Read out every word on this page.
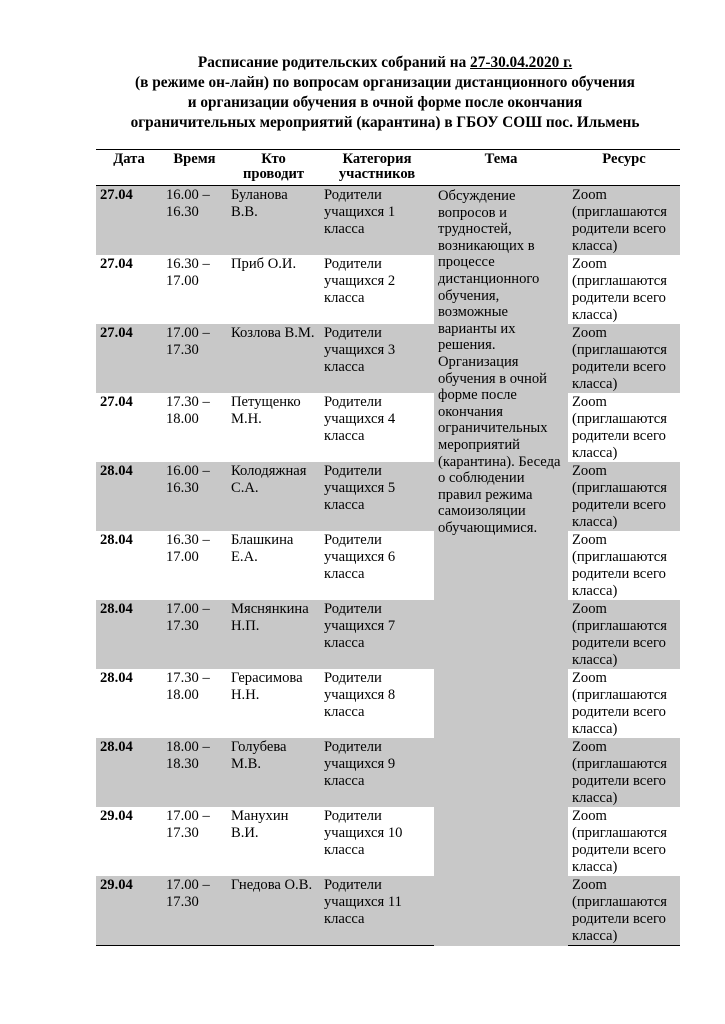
Расписание родительских собраний на 27-30.04.2020 г.
(в режиме он-лайн) по вопросам организации дистанционного обучения
и организации обучения в очной форме после окончания
ограничительных мероприятий (карантина) в ГБОУ СОШ пос. Ильмень
Дата	Время	Кто проводит	Категория участников	Тема	Ресурс
27.04	16.00 – 16.30	Буланова В.В.	Родители учащихся 1 класса	Обсуждение вопросов и трудностей, возникающих в процессе дистанционного обучения, возможные варианты их решения. Организация обучения в очной форме после окончания ограничительных мероприятий (карантина). Беседа о соблюдении правил режима самоизоляции обучающимися.	Zoom (приглашаются родители всего класса)
27.04	16.30 – 17.00	Приб О.И.	Родители учащихся 2 класса		Zoom (приглашаются родители всего класса)
27.04	17.00 – 17.30	Козлова В.М.	Родители учащихся 3 класса		Zoom (приглашаются родители всего класса)
27.04	17.30 – 18.00	Петущенко М.Н.	Родители учащихся 4 класса		Zoom (приглашаются родители всего класса)
28.04	16.00 – 16.30	Колодяжная С.А.	Родители учащихся 5 класса		Zoom (приглашаются родители всего класса)
28.04	16.30 – 17.00	Блашкина Е.А.	Родители учащихся 6 класса		Zoom (приглашаются родители всего класса)
28.04	17.00 – 17.30	Мяснянкина Н.П.	Родители учащихся 7 класса		Zoom (приглашаются родители всего класса)
28.04	17.30 – 18.00	Герасимова Н.Н.	Родители учащихся 8 класса		Zoom (приглашаются родители всего класса)
28.04	18.00 – 18.30	Голубева М.В.	Родители учащихся 9 класса		Zoom (приглашаются родители всего класса)
29.04	17.00 – 17.30	Манухин В.И.	Родители учащихся 10 класса		Zoom (приглашаются родители всего класса)
29.04	17.00 – 17.30	Гнедова О.В.	Родители учащихся 11 класса		Zoom (приглашаются родители всего класса)
